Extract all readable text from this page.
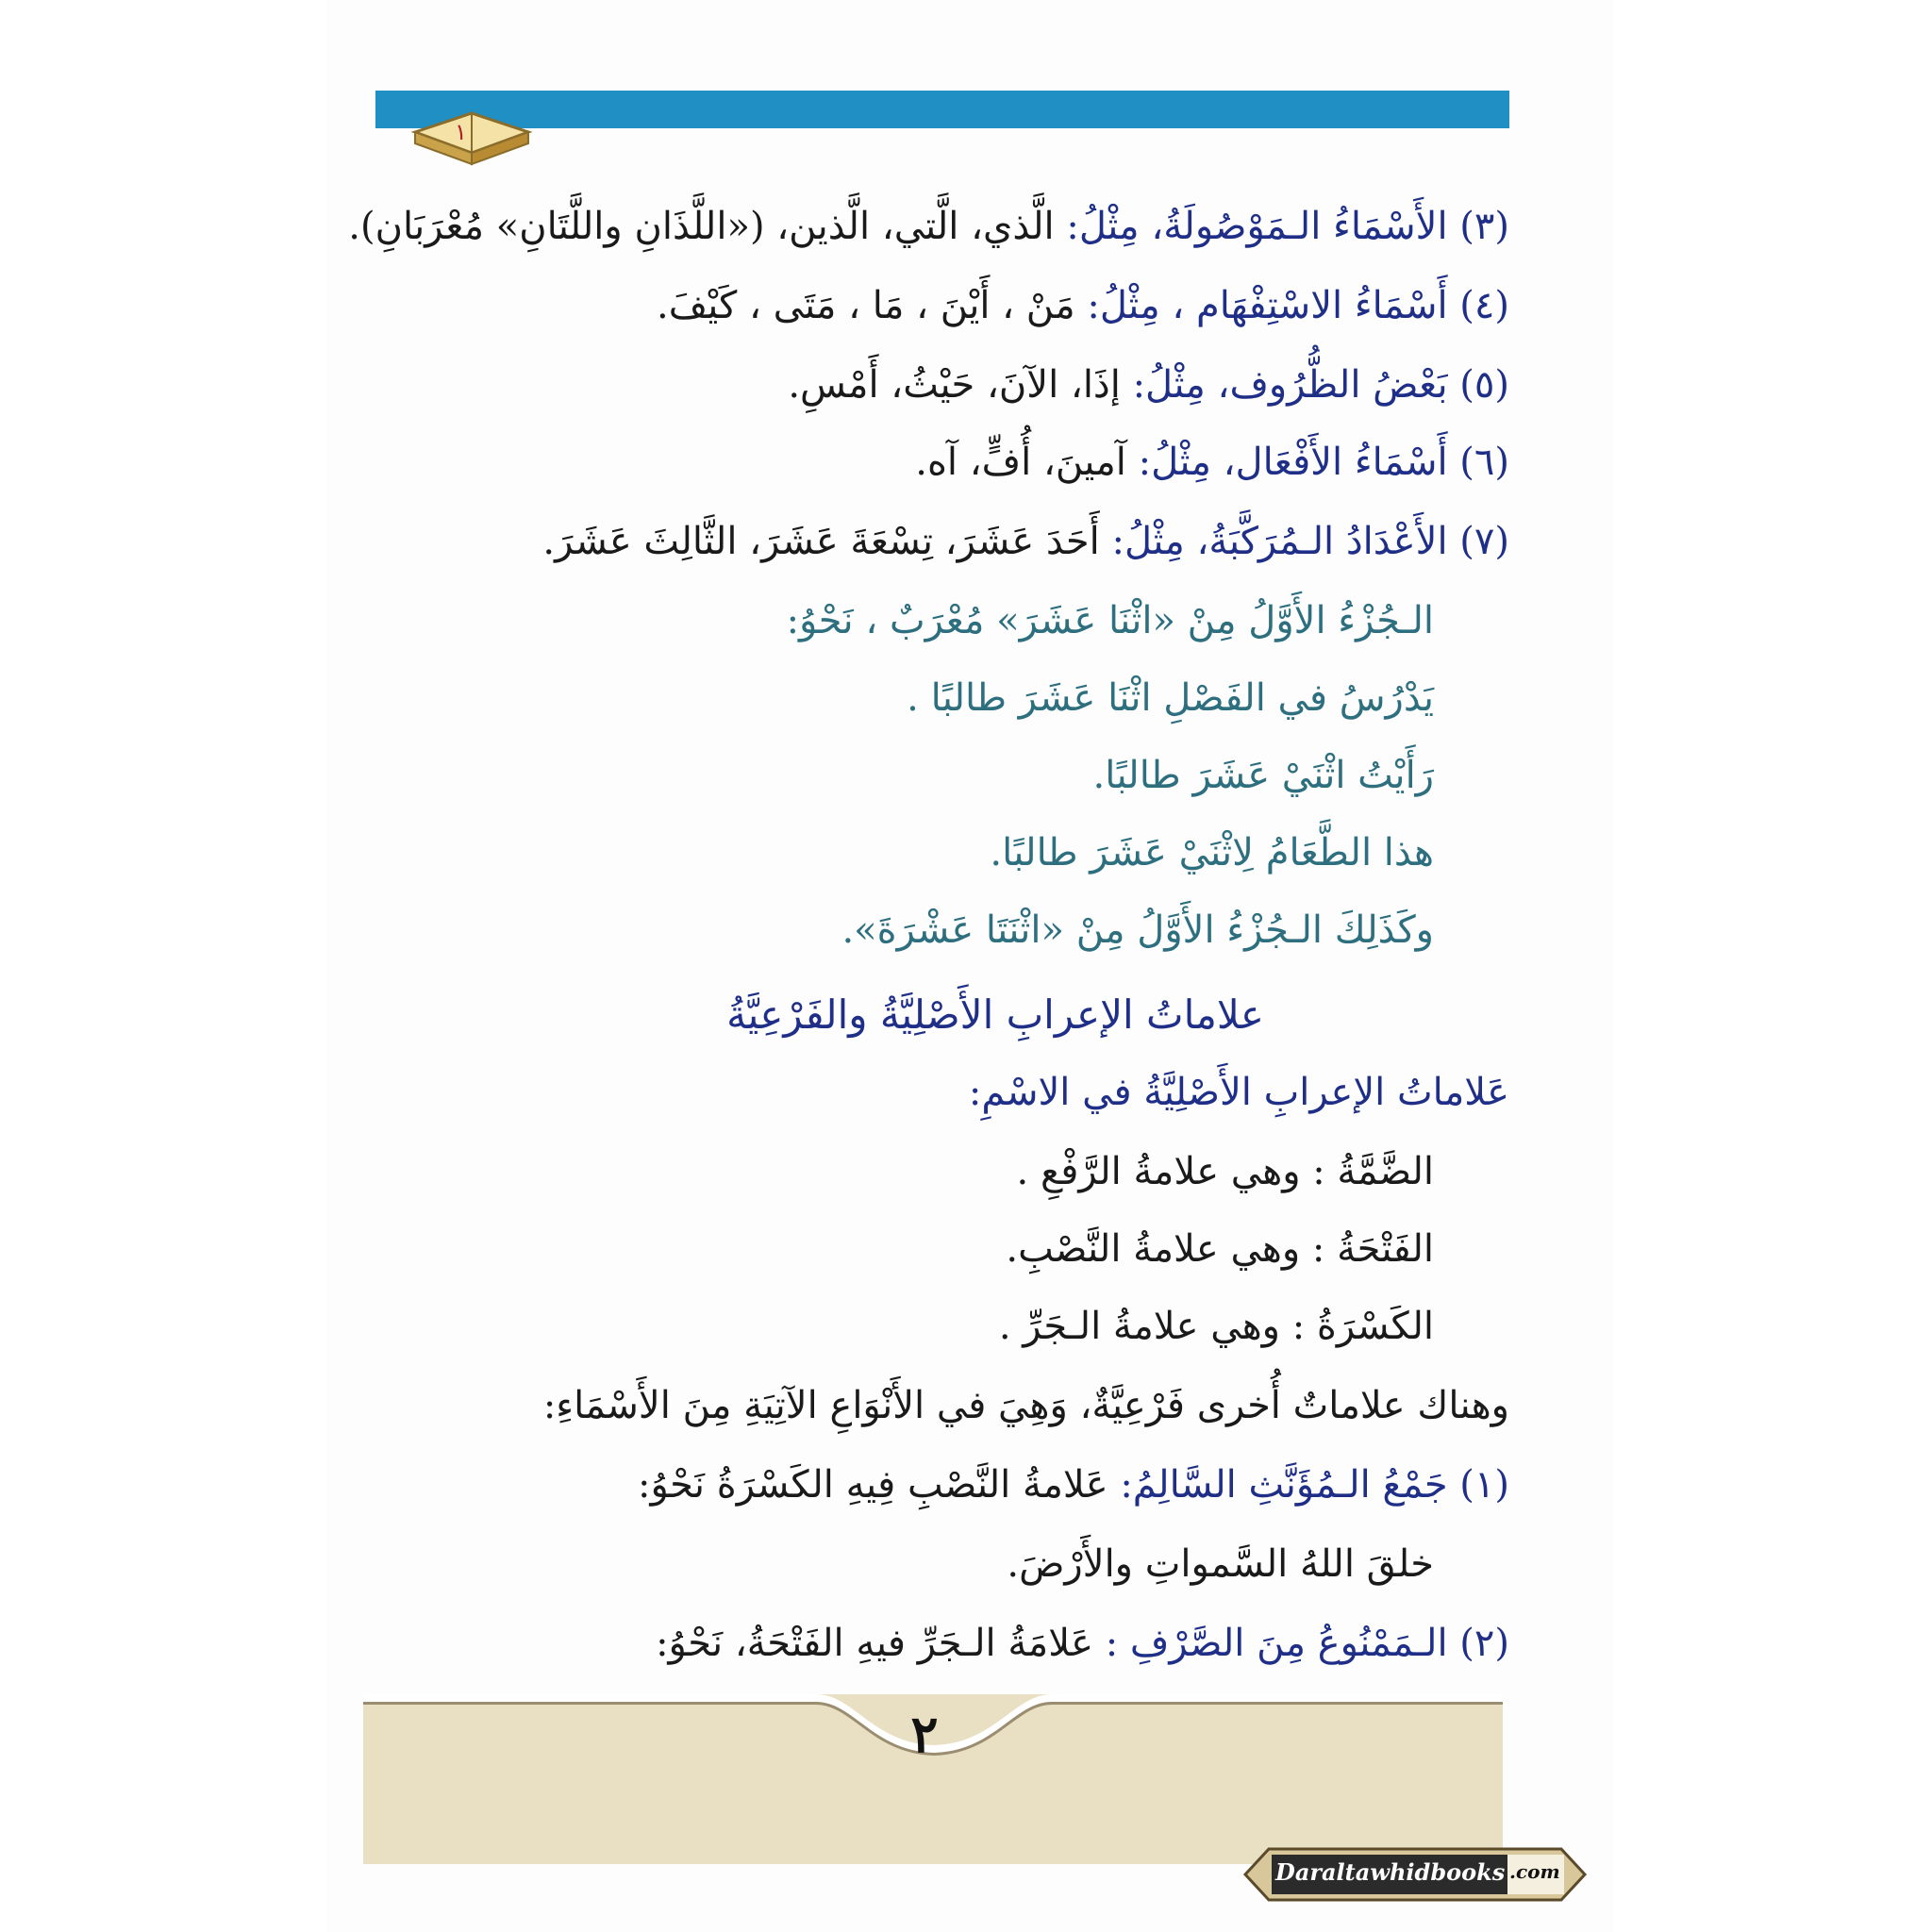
١
(٣) الأَسْمَاءُ الـمَوْصُولَةُ، مِثْلُ: الَّذي، الَّتي، الَّذين، («اللَّذَانِ واللَّتَانِ» مُعْرَبَانِ).
(٤) أَسْمَاءُ الاسْتِفْهَام ، مِثْلُ: مَنْ ، أَيْنَ ، مَا ، مَتَى ، كَيْفَ.
(٥) بَعْضُ الظُّرُوف، مِثْلُ: إذَا، الآنَ، حَيْثُ، أَمْسِ.
(٦) أَسْمَاءُ الأَفْعَال، مِثْلُ: آمينَ، أُفٍّ، آه.
(٧) الأَعْدَادُ الـمُرَكَّبَةُ، مِثْلُ: أَحَدَ عَشَرَ، تِسْعَةَ عَشَرَ، الثَّالِثَ عَشَرَ.
الـجُزْءُ الأَوَّلُ مِنْ «اثْنَا عَشَرَ» مُعْرَبٌ ، نَحْوُ:
يَدْرُسُ في الفَصْلِ اثْنَا عَشَرَ طالبًا .
رَأَيْتُ اثْنَيْ عَشَرَ طالبًا.
هذا الطَّعَامُ لِاثْنَيْ عَشَرَ طالبًا.
وكَذَلِكَ الـجُزْءُ الأَوَّلُ مِنْ «اثْنَتَا عَشْرَةَ».
علاماتُ الإعرابِ الأَصْلِيَّةُ والفَرْعِيَّةُ
عَلاماتُ الإعرابِ الأَصْلِيَّةُ في الاسْمِ:
الضَّمَّةُ : وهي علامةُ الرَّفْعِ .
الفَتْحَةُ : وهي علامةُ النَّصْبِ.
الكَسْرَةُ : وهي علامةُ الـجَرِّ .
وهناك علاماتٌ أُخرى فَرْعِيَّةٌ، وَهِيَ في الأَنْوَاعِ الآتِيَةِ مِنَ الأَسْمَاءِ:
(١) جَمْعُ الـمُؤَنَّثِ السَّالِمُ: عَلامةُ النَّصْبِ فِيهِ الكَسْرَةُ نَحْوُ:
خلقَ اللهُ السَّمواتِ والأَرْضَ.
(٢) الـمَمْنُوعُ مِنَ الصَّرْفِ : عَلامَةُ الـجَرِّ فيهِ الفَتْحَةُ، نَحْوُ:
٢
Daraltawhidbooks .com
